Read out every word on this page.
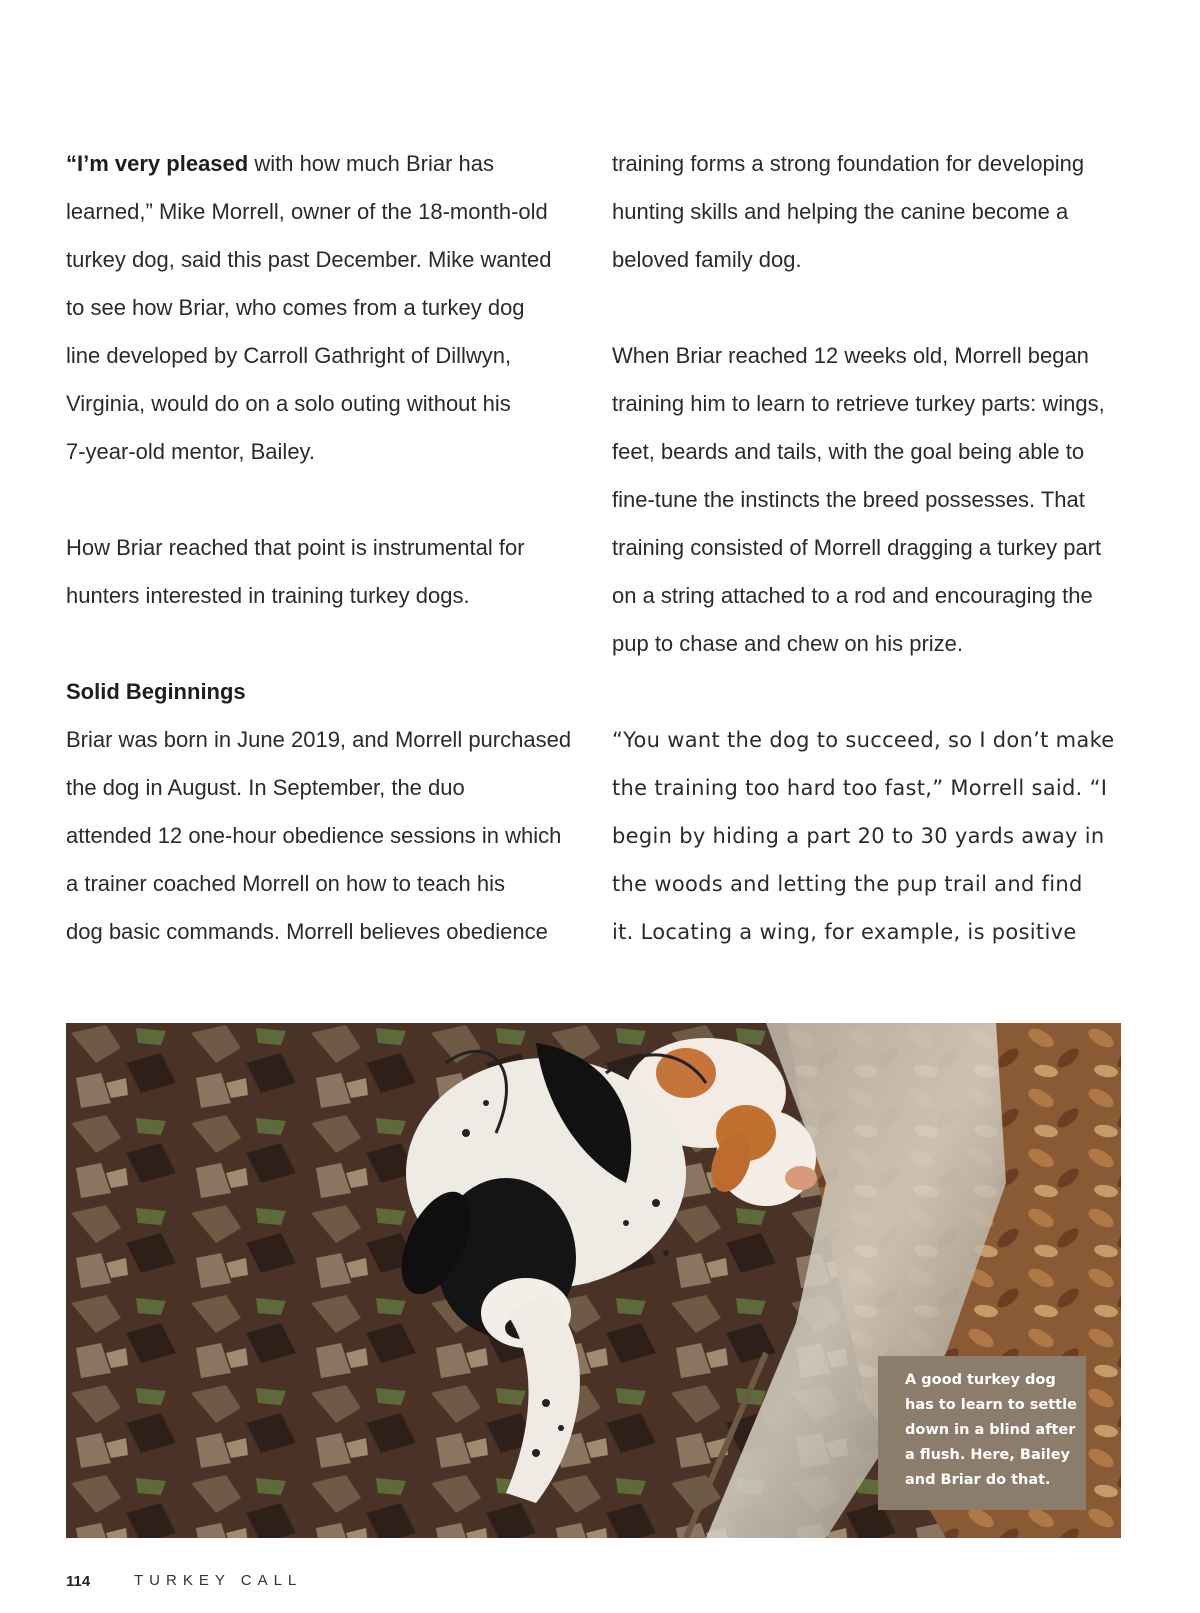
“I’m very pleased with how much Briar has

learned,” Mike Morrell, owner of the 18-month-old

turkey dog, said this past December. Mike wanted

to see how Briar, who comes from a turkey dog

line developed by Carroll Gathright of Dillwyn,

Virginia, would do on a solo outing without his

7-year-old mentor, Bailey.

How Briar reached that point is instrumental for

hunters interested in training turkey dogs.

Solid Beginnings

Briar was born in June 2019, and Morrell purchased

the dog in August. In September, the duo

attended 12 one-hour obedience sessions in which

a trainer coached Morrell on how to teach his

dog basic commands. Morrell believes obedience

training forms a strong foundation for developing

hunting skills and helping the canine become a

beloved family dog.

When Briar reached 12 weeks old, Morrell began

training him to learn to retrieve turkey parts: wings,

feet, beards and tails, with the goal being able to

fine-tune the instincts the breed possesses. That

training consisted of Morrell dragging a turkey part

on a string attached to a rod and encouraging the

pup to chase and chew on his prize.

“You want the dog to succeed, so I don’t make

the training too hard too fast,” Morrell said. “I

begin by hiding a part 20 to 30 yards away in

the woods and letting the pup trail and find

it. Locating a wing, for example, is positive

A good turkey dog
has to learn to settle
down in a blind after
a flush. Here, Bailey
and Briar do that.
114	TURKEY CALL
